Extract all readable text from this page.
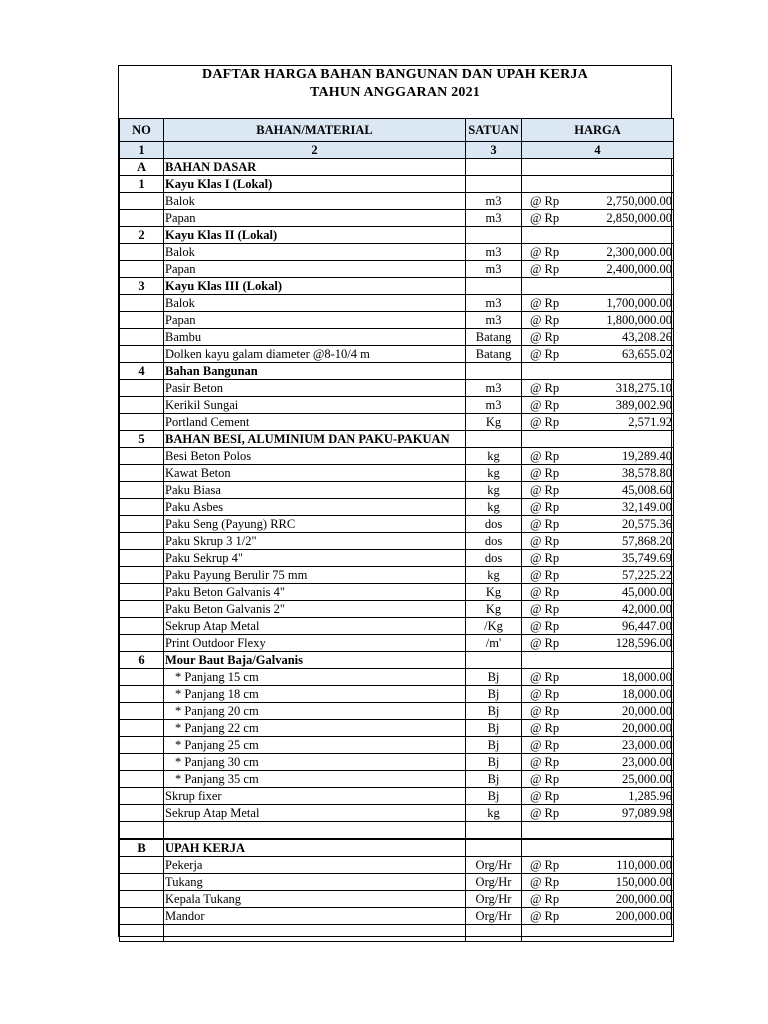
DAFTAR HARGA BAHAN BANGUNAN DAN UPAH KERJA
TAHUN ANGGARAN 2021
NO	BAHAN/MATERIAL	SATUAN	HARGA		
1	2	3	4		
A	BAHAN DASAR				
1	Kayu Klas I (Lokal)				
	Balok	m3	@	Rp	2,750,000.00
	Papan	m3	@	Rp	2,850,000.00
2	Kayu Klas II (Lokal)				
	Balok	m3	@	Rp	2,300,000.00
	Papan	m3	@	Rp	2,400,000.00
3	Kayu Klas III (Lokal)				
	Balok	m3	@	Rp	1,700,000.00
	Papan	m3	@	Rp	1,800,000.00
	Bambu	Batang	@	Rp	43,208.26
	Dolken kayu galam diameter @8-10/4 m	Batang	@	Rp	63,655.02
4	Bahan Bangunan				
	Pasir Beton	m3	@	Rp	318,275.10
	Kerikil Sungai	m3	@	Rp	389,002.90
	Portland Cement	Kg	@	Rp	2,571.92
5	BAHAN BESI, ALUMINIUM DAN PAKU-PAKUAN				
	Besi Beton Polos	kg	@	Rp	19,289.40
	Kawat Beton	kg	@	Rp	38,578.80
	Paku Biasa	kg	@	Rp	45,008.60
	Paku Asbes	kg	@	Rp	32,149.00
	Paku Seng (Payung) RRC	dos	@	Rp	20,575.36
	Paku Skrup 3 1/2"	dos	@	Rp	57,868.20
	Paku Sekrup 4"	dos	@	Rp	35,749.69
	Paku Payung Berulir 75 mm	kg	@	Rp	57,225.22
	Paku Beton Galvanis 4"	Kg	@	Rp	45,000.00
	Paku Beton Galvanis 2"	Kg	@	Rp	42,000.00
	Sekrup Atap Metal	/Kg	@	Rp	96,447.00
	Print Outdoor Flexy	/m'	@	Rp	128,596.00
6	Mour Baut Baja/Galvanis				
	* Panjang 15 cm	Bj	@	Rp	18,000.00
	* Panjang 18 cm	Bj	@	Rp	18,000.00
	* Panjang 20 cm	Bj	@	Rp	20,000.00
	* Panjang 22 cm	Bj	@	Rp	20,000.00
	* Panjang 25 cm	Bj	@	Rp	23,000.00
	* Panjang 30 cm	Bj	@	Rp	23,000.00
	* Panjang 35 cm	Bj	@	Rp	25,000.00
	Skrup fixer	Bj	@	Rp	1,285.96
	Sekrup Atap Metal	kg	@	Rp	97,089.98

B	UPAH KERJA				
	Pekerja	Org/Hr	@	Rp	110,000.00
	Tukang	Org/Hr	@	Rp	150,000.00
	Kepala Tukang	Org/Hr	@	Rp	200,000.00
	Mandor	Org/Hr	@	Rp	200,000.00
